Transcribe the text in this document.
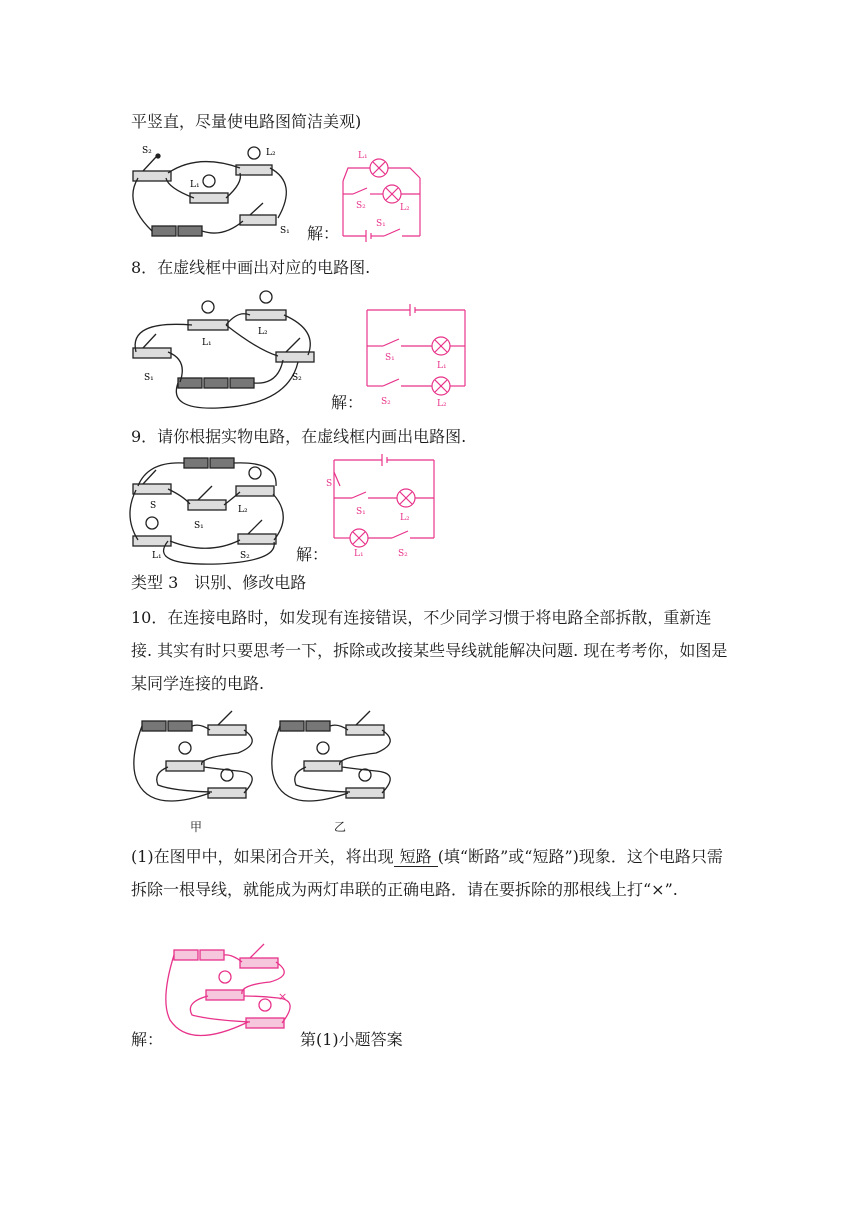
平竖直，尽量使电路图简洁美观)
S₂	L₂
L₁
S₁ 解：
L₁
S₂	L₂
S₁
8．在虚线框中画出对应的电路图.
L₁
L₂
S₁	S₂
解：
S₁
L₁
S₂	L₂
9．请你根据实物电路，在虚线框内画出电路图.
S
S₁
L₂
L₁	S₂	解：
S
S₁
L₂
L₁	S₂
类型 3　识别、修改电路
10．在连接电路时，如发现有连接错误，不少同学习惯于将电路全部拆散，重新连接. 其实有时只要思考一下，拆除或改接某些导线就能解决问题. 现在考考你，如图是某同学连接的电路.
甲	乙
(1)在图甲中，如果闭合开关，将出现 短路 (填“断路”或“短路”)现象．这个电路只需拆除一根导线，就能成为两灯串联的正确电路．请在要拆除的那根线上打“×”.
×
解：	第(1)小题答案
